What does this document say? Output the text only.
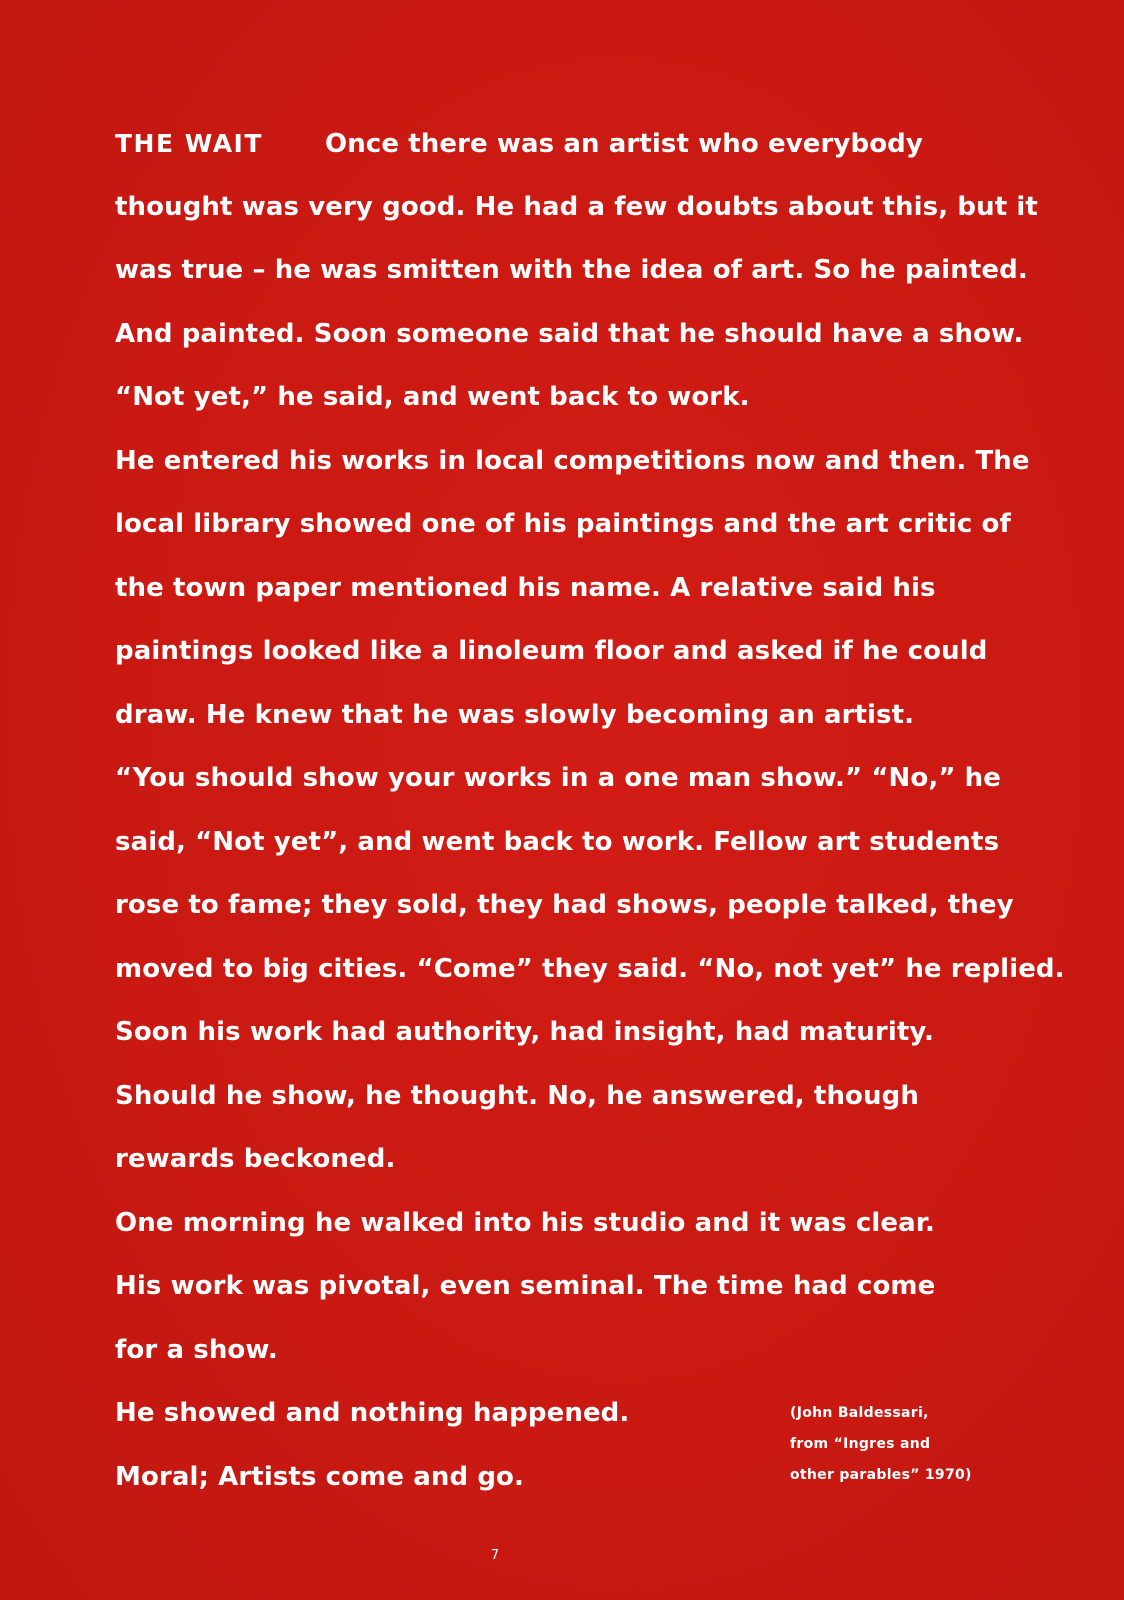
THE WAIT Once there was an artist who everybody
thought was very good. He had a few doubts about this, but it
was true – he was smitten with the idea of art. So he painted.
And painted. Soon someone said that he should have a show.
“Not yet,” he said, and went back to work.
He entered his works in local competitions now and then. The
local library showed one of his paintings and the art critic of
the town paper mentioned his name. A relative said his
paintings looked like a linoleum floor and asked if he could
draw. He knew that he was slowly becoming an artist.
“You should show your works in a one man show.” “No,” he
said, “Not yet”, and went back to work. Fellow art students
rose to fame; they sold, they had shows, people talked, they
moved to big cities. “Come” they said. “No, not yet” he replied.
Soon his work had authority, had insight, had maturity.
Should he show, he thought. No, he answered, though
rewards beckoned.
One morning he walked into his studio and it was clear.
His work was pivotal, even seminal. The time had come
for a show.
He showed and nothing happened.
Moral; Artists come and go.
(John Baldessari,
from “Ingres and
other parables” 1970)
7
